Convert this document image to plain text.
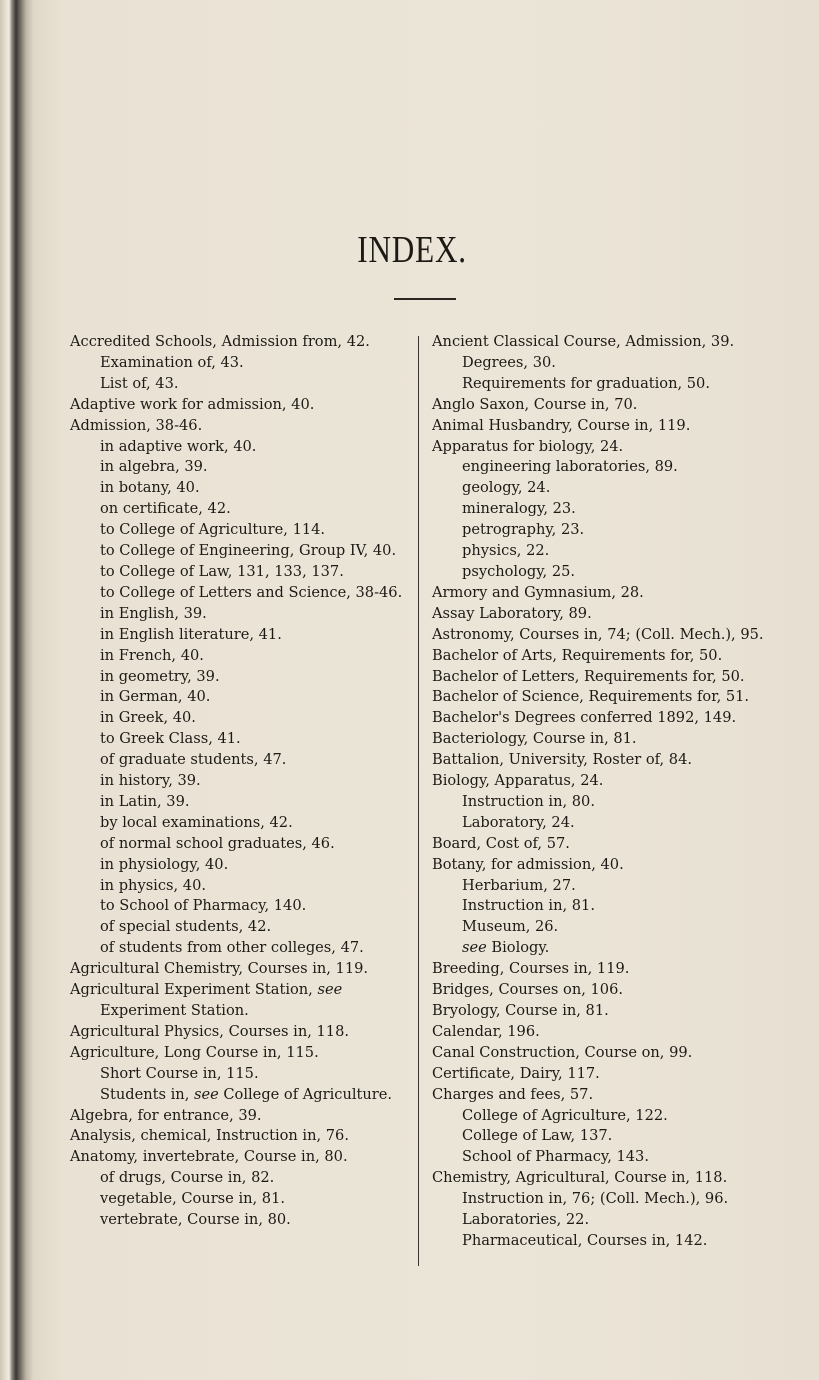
INDEX.
Accredited Schools, Admission from, 42.
Examination of, 43.
List of, 43.
Adaptive work for admission, 40.
Admission, 38-46.
in adaptive work, 40.
in algebra, 39.
in botany, 40.
on certificate, 42.
to College of Agriculture, 114.
to College of Engineering, Group IV, 40.
to College of Law, 131, 133, 137.
to College of Letters and Science, 38-46.
in English, 39.
in English literature, 41.
in French, 40.
in geometry, 39.
in German, 40.
in Greek, 40.
to Greek Class, 41.
of graduate students, 47.
in history, 39.
in Latin, 39.
by local examinations, 42.
of normal school graduates, 46.
in physiology, 40.
in physics, 40.
to School of Pharmacy, 140.
of special students, 42.
of students from other colleges, 47.
Agricultural Chemistry, Courses in, 119.
Agricultural Experiment Station, see Experiment Station.
Agricultural Physics, Courses in, 118.
Agriculture, Long Course in, 115.
Short Course in, 115.
Students in, see College of Agriculture.
Algebra, for entrance, 39.
Analysis, chemical, Instruction in, 76.
Anatomy, invertebrate, Course in, 80.
of drugs, Course in, 82.
vegetable, Course in, 81.
vertebrate, Course in, 80.
Ancient Classical Course, Admission, 39.
Degrees, 30.
Requirements for graduation, 50.
Anglo Saxon, Course in, 70.
Animal Husbandry, Course in, 119.
Apparatus for biology, 24.
engineering laboratories, 89.
geology, 24.
mineralogy, 23.
petrography, 23.
physics, 22.
psychology, 25.
Armory and Gymnasium, 28.
Assay Laboratory, 89.
Astronomy, Courses in, 74; (Coll. Mech.), 95.
Bachelor of Arts, Requirements for, 50.
Bachelor of Letters, Requirements for, 50.
Bachelor of Science, Requirements for, 51.
Bachelor's Degrees conferred 1892, 149.
Bacteriology, Course in, 81.
Battalion, University, Roster of, 84.
Biology, Apparatus, 24.
Instruction in, 80.
Laboratory, 24.
Board, Cost of, 57.
Botany, for admission, 40.
Herbarium, 27.
Instruction in, 81.
Museum, 26.
see Biology.
Breeding, Courses in, 119.
Bridges, Courses on, 106.
Bryology, Course in, 81.
Calendar, 196.
Canal Construction, Course on, 99.
Certificate, Dairy, 117.
Charges and fees, 57.
College of Agriculture, 122.
College of Law, 137.
School of Pharmacy, 143.
Chemistry, Agricultural, Course in, 118.
Instruction in, 76; (Coll. Mech.), 96.
Laboratories, 22.
Pharmaceutical, Courses in, 142.
